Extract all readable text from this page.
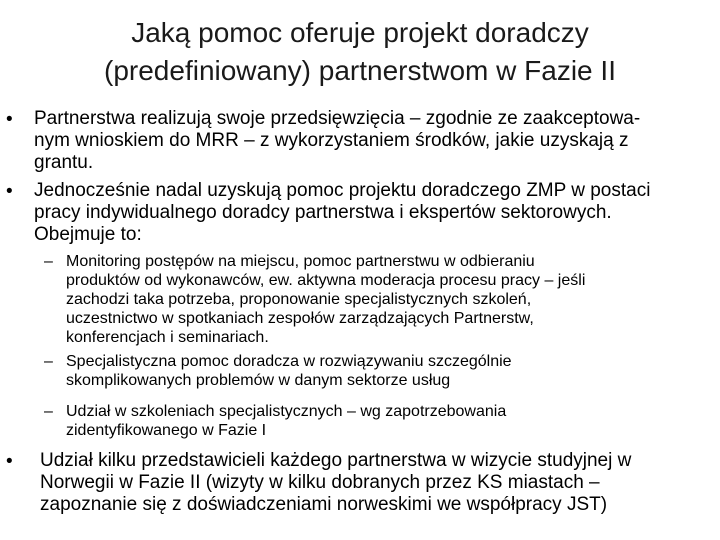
Jaką pomoc oferuje projekt doradczy
(predefiniowany) partnerstwom w Fazie II
• Partnerstwa realizują swoje przedsięwzięcia – zgodnie ze zaakceptowa-
nym wnioskiem do MRR – z wykorzystaniem środków, jakie uzyskają z
grantu.
• Jednocześnie nadal uzyskują pomoc projektu doradczego ZMP w postaci
pracy indywidualnego doradcy partnerstwa i ekspertów sektorowych.
Obejmuje to:
– Monitoring postępów na miejscu, pomoc partnerstwu w odbieraniu
produktów od wykonawców, ew. aktywna moderacja procesu pracy – jeśli
zachodzi taka potrzeba, proponowanie specjalistycznych szkoleń,
uczestnictwo w spotkaniach zespołów zarządzających Partnerstw,
konferencjach i seminariach.
– Specjalistyczna pomoc doradcza w rozwiązywaniu szczególnie
skomplikowanych problemów w danym sektorze usług
– Udział w szkoleniach specjalistycznych – wg zapotrzebowania
zidentyfikowanego w Fazie I
• Udział kilku przedstawicieli każdego partnerstwa w wizycie studyjnej w
Norwegii w Fazie II (wizyty w kilku dobranych przez KS miastach –
zapoznanie się z doświadczeniami norweskimi we współpracy JST)
